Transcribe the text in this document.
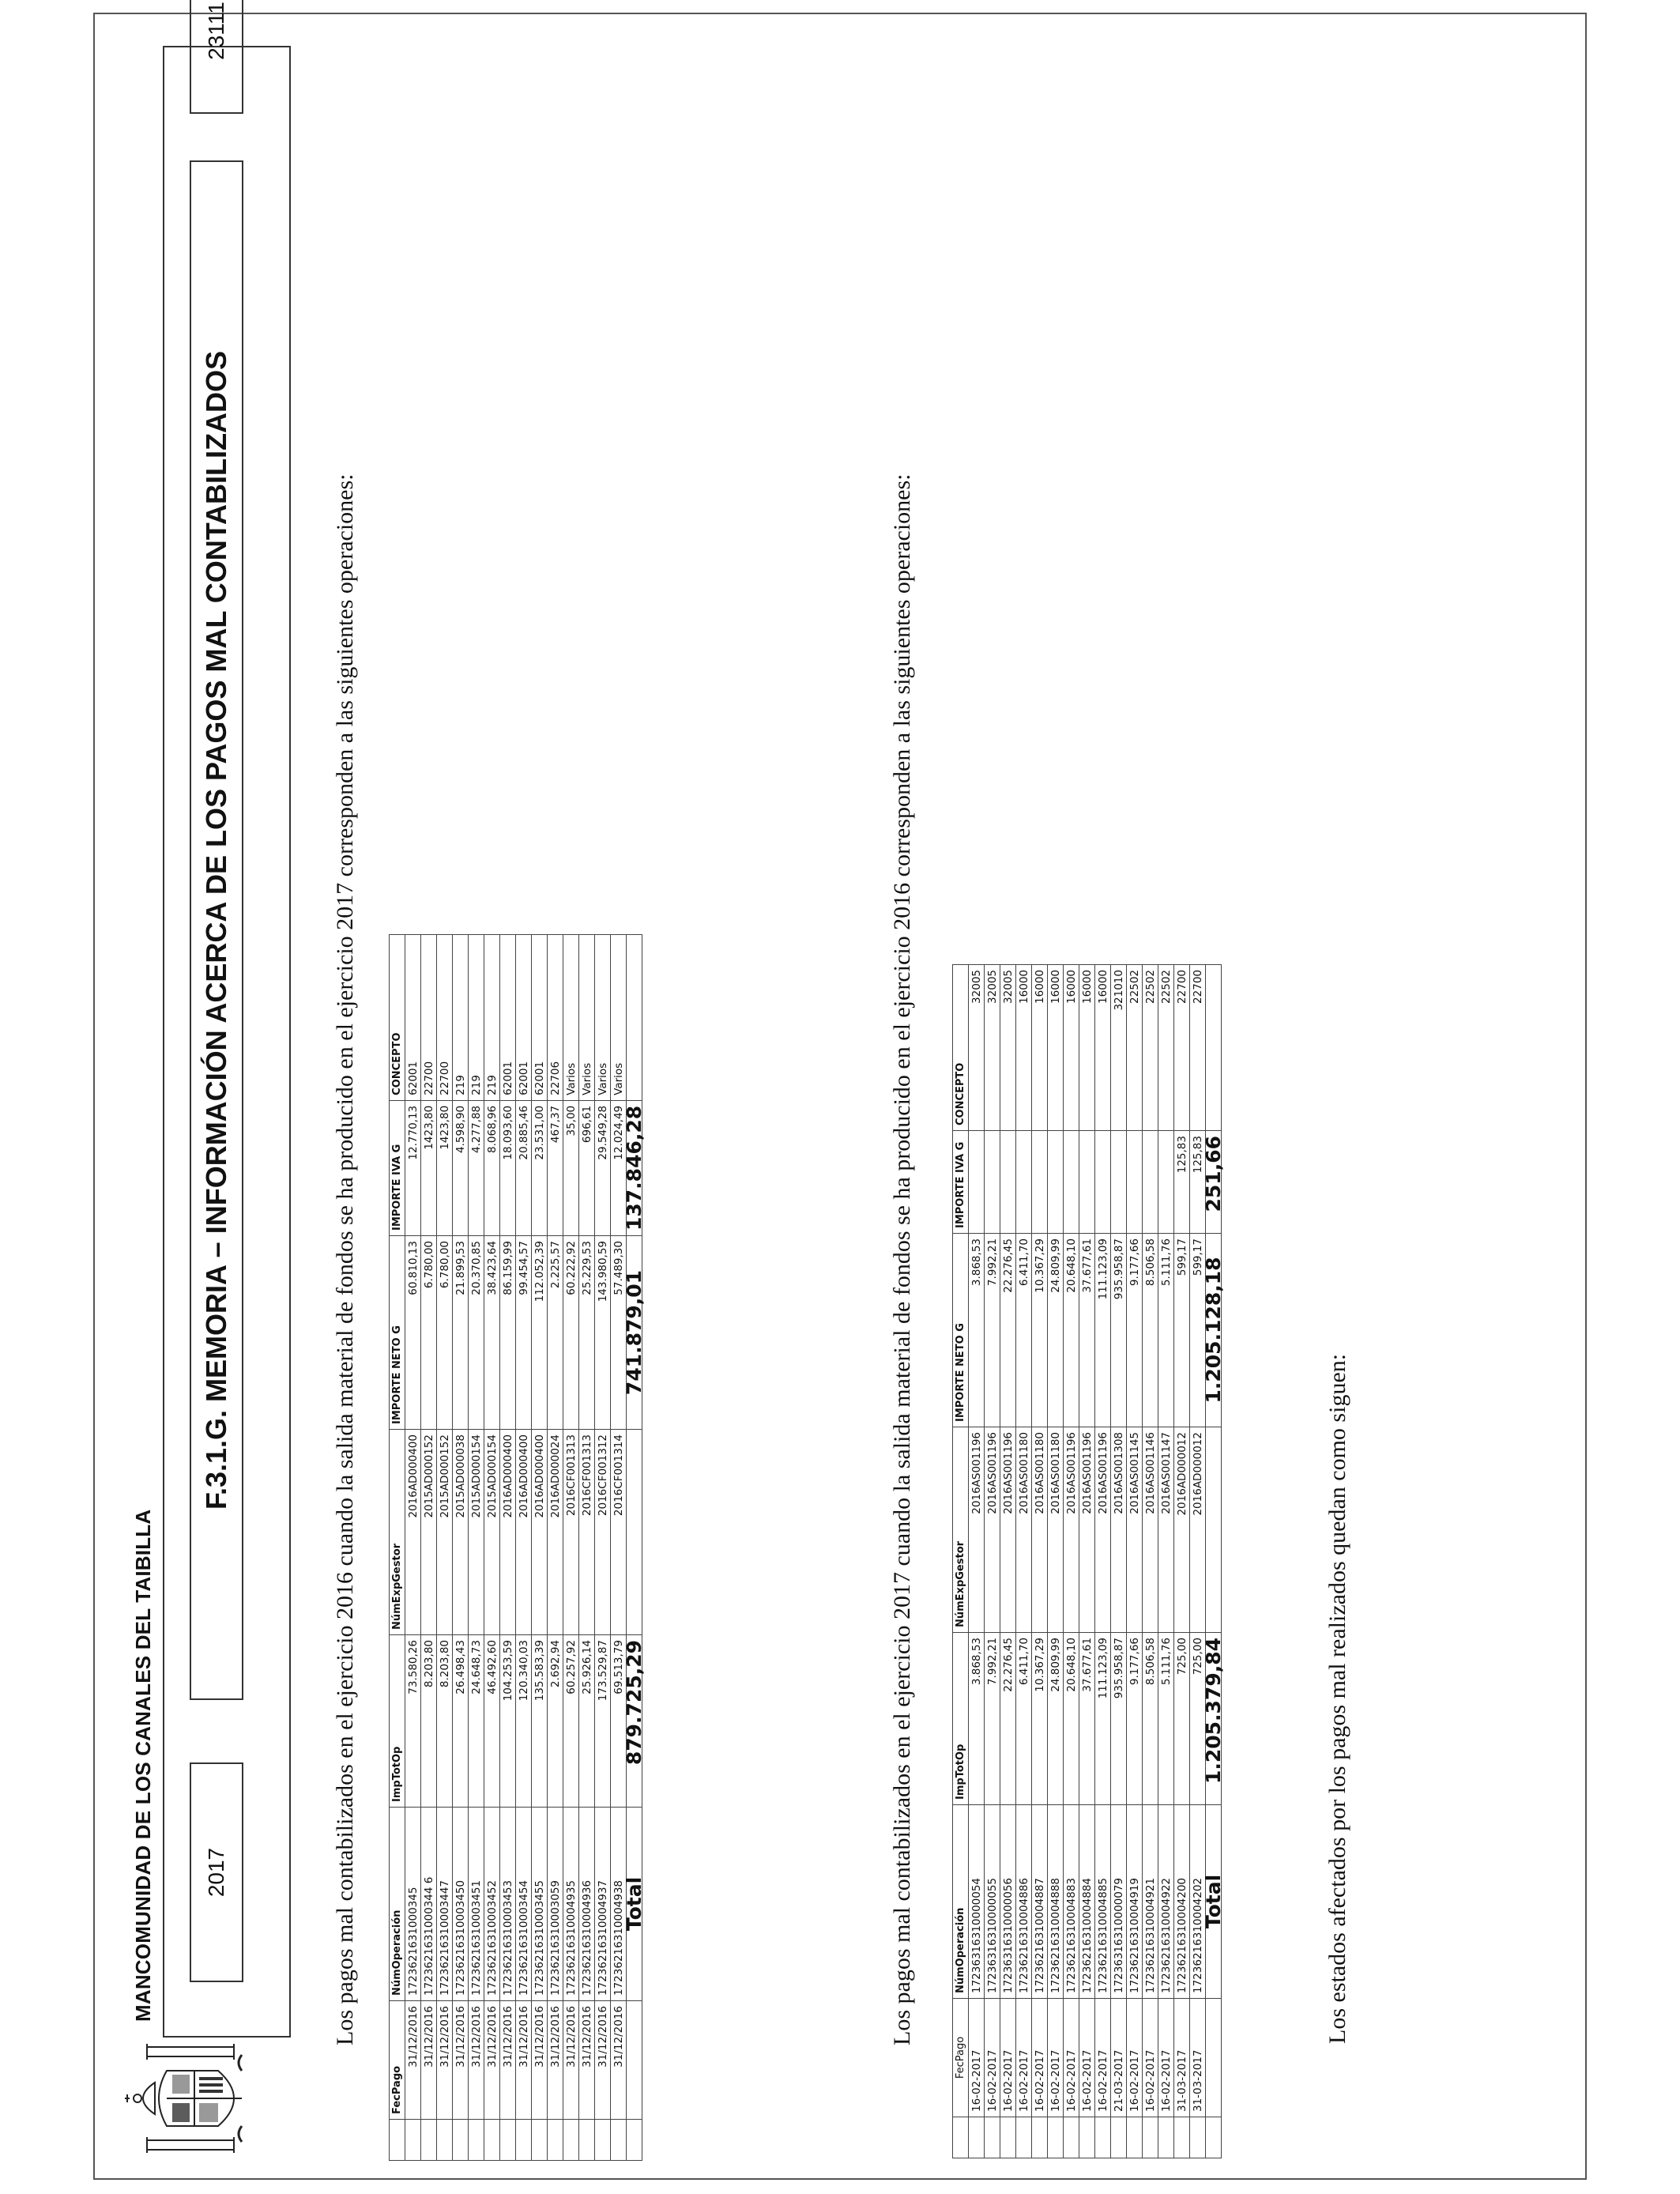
MANCOMUNIDAD DE LOS CANALES DEL TAIBILLA	2017
F.3.1.G. MEMORIA – INFORMACIÓN ACERCA DE LOS PAGOS MAL CONTABILIZADOS
23111
Los pagos mal contabilizados en el ejercicio 2016 cuando la salida material de fondos se ha producido en el ejercicio 2017 corresponden a las siguientes operaciones:
	FecPago	NúmOperación	ImpTotOp	NúmExpGestor	IMPORTE NETO G	IMPORTE IVA G	CONCEPTO
	31/12/2016	1723621631000345	73.580,26	2016AD000400	60.810,13	12.770,13	62001
	31/12/2016	1723621631000344 6	8.203,80	2015AD000152	6.780,00	1423,80	22700
	31/12/2016	17236216310003447	8.203,80	2015AD000152	6.780,00	1423,80	22700
	31/12/2016	17236216310003450	26.498,43	2015AD000038	21.899,53	4.598,90	219
	31/12/2016	17236216310003451	24.648,73	2015AD000154	20.370,85	4.277,88	219
	31/12/2016	17236216310003452	46.492,60	2015AD000154	38.423,64	8.068,96	219
	31/12/2016	17236216310003453	104.253,59	2016AD000400	86.159,99	18.093,60	62001
	31/12/2016	17236216310003454	120.340,03	2016AD000400	99.454,57	20.885,46	62001
	31/12/2016	17236216310003455	135.583,39	2016AD000400	112.052,39	23.531,00	62001
	31/12/2016	17236216310003059	2.692,94	2016AD000024	2.225,57	467,37	22706
	31/12/2016	17236216310004935	60.257,92	2016CF001313	60.222,92	35,00	Varios
	31/12/2016	17236216310004936	25.926,14	2016CF001313	25.229,53	696,61	Varios
	31/12/2016	17236216310004937	173.529,87	2016CF001312	143.980,59	29.549,28	Varios
	31/12/2016	17236216310004938	69.513,79	2016CF001314	57.489,30	12.024,49	Varios
		Total	879.725,29		741.879,01	137.846,28		Los pagos mal contabilizados en el ejercicio 2017 cuando la salida material de fondos se ha producido en el ejercicio 2016 corresponden a las siguientes operaciones:
	FecPago	NúmOperación	ImpTotOp	NúmExpGestor	IMPORTE NETO G	IMPORTE IVA G	CONCEPTO
	16-02-2017	17236316310000054	3.868,53	2016AS001196	3.868,53		32005
	16-02-2017	17236316310000055	7.992,21	2016AS001196	7.992,21		32005
	16-02-2017	17236316310000056	22.276,45	2016AS001196	22.276,45		32005
	16-02-2017	17236216310004886	6.411,70	2016AS001180	6.411,70		16000
	16-02-2017	17236216310004887	10.367,29	2016AS001180	10.367,29		16000
	16-02-2017	17236216310004888	24.809,99	2016AS001180	24.809,99		16000
	16-02-2017	17236216310004883	20.648,10	2016AS001196	20.648,10		16000
	16-02-2017	17236216310004884	37.677,61	2016AS001196	37.677,61		16000
	16-02-2017	17236216310004885	111.123,09	2016AS001196	111.123,09		16000
	21-03-2017	17236316310000079	935.958,87	2016AS001308	935.958,87		321010
	16-02-2017	17236216310004919	9.177,66	2016AS001145	9.177,66		22502
	16-02-2017	17236216310004921	8.506,58	2016AS001146	8.506,58		22502
	16-02-2017	17236216310004922	5.111,76	2016AS001147	5.111,76		22502
	31-03-2017	17236216310004200	725,00	2016AD000012	599,17	125,83	22700
	31-03-2017	17236216310004202	725,00	2016AD000012	599,17	125,83	22700
		Total	1.205.379,84		1.205.128,18	251,66	
Los estados afectados por los pagos mal realizados quedan como siguen:
